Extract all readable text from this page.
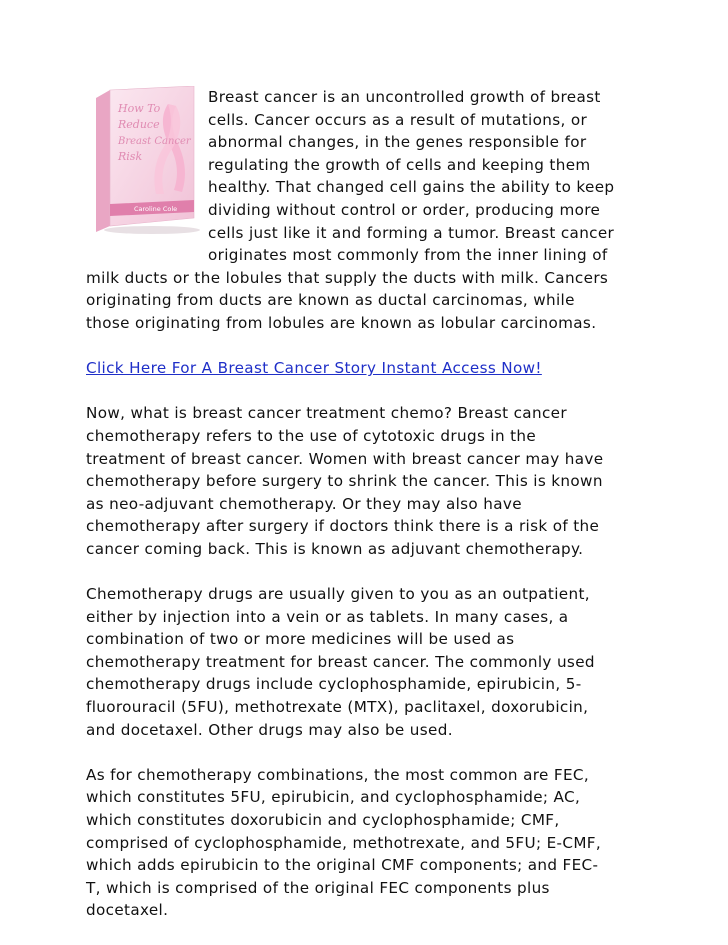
How To
Reduce
Breast Cancer
Risk
Caroline Cole

Breast cancer is an uncontrolled growth of breast
cells. Cancer occurs as a result of mutations, or
abnormal changes, in the genes responsible for
regulating the growth of cells and keeping them
healthy. That changed cell gains the ability to keep
dividing without control or order, producing more
cells just like it and forming a tumor. Breast cancer
originates most commonly from the inner lining of
milk ducts or the lobules that supply the ducts with milk. Cancers
originating from ducts are known as ductal carcinomas, while
those originating from lobules are known as lobular carcinomas.

Click Here For A Breast Cancer Story Instant Access Now!

Now, what is breast cancer treatment chemo? Breast cancer
chemotherapy refers to the use of cytotoxic drugs in the
treatment of breast cancer. Women with breast cancer may have
chemotherapy before surgery to shrink the cancer. This is known
as neo-adjuvant chemotherapy. Or they may also have
chemotherapy after surgery if doctors think there is a risk of the
cancer coming back. This is known as adjuvant chemotherapy.

Chemotherapy drugs are usually given to you as an outpatient,
either by injection into a vein or as tablets. In many cases, a
combination of two or more medicines will be used as
chemotherapy treatment for breast cancer. The commonly used
chemotherapy drugs include cyclophosphamide, epirubicin, 5-
fluorouracil (5FU), methotrexate (MTX), paclitaxel, doxorubicin,
and docetaxel. Other drugs may also be used.

As for chemotherapy combinations, the most common are FEC,
which constitutes 5FU, epirubicin, and cyclophosphamide; AC,
which constitutes doxorubicin and cyclophosphamide; CMF,
comprised of cyclophosphamide, methotrexate, and 5FU; E-CMF,
which adds epirubicin to the original CMF components; and FEC-
T, which is comprised of the original FEC components plus
docetaxel.
